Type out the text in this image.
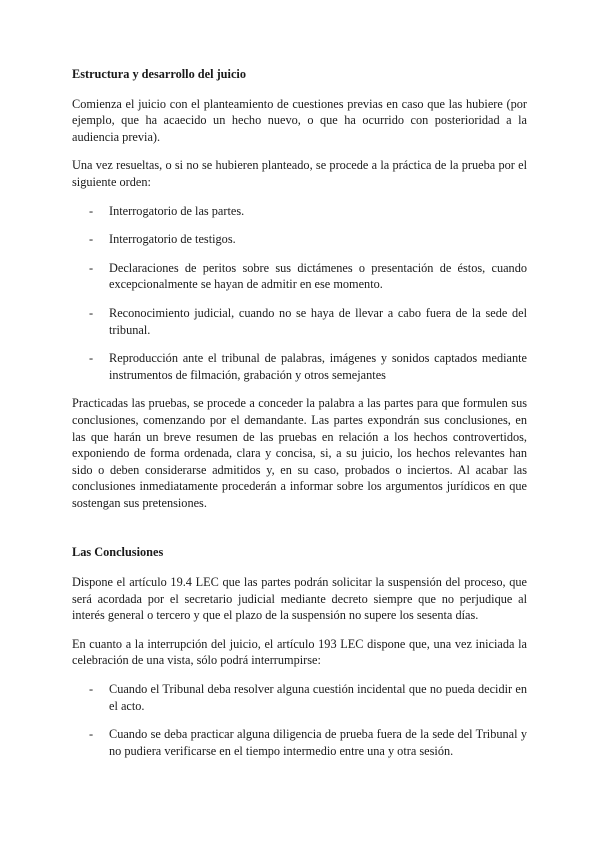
Estructura y desarrollo del juicio

Comienza el juicio con el planteamiento de cuestiones previas en caso que las hubiere (por ejemplo, que ha acaecido un hecho nuevo, o que ha ocurrido con posterioridad a la audiencia previa).

Una vez resueltas, o si no se hubieren planteado, se procede a la práctica de la prueba por el siguiente orden:

- Interrogatorio de las partes.
- Interrogatorio de testigos.
- Declaraciones de peritos sobre sus dictámenes o presentación de éstos, cuando excepcionalmente se hayan de admitir en ese momento.
- Reconocimiento judicial, cuando no se haya de llevar a cabo fuera de la sede del tribunal.
- Reproducción ante el tribunal de palabras, imágenes y sonidos captados mediante instrumentos de filmación, grabación y otros semejantes

Practicadas las pruebas, se procede a conceder la palabra a las partes para que formulen sus conclusiones, comenzando por el demandante. Las partes expondrán sus conclusiones, en las que harán un breve resumen de las pruebas en relación a los hechos controvertidos, exponiendo de forma ordenada, clara y concisa, si, a su juicio, los hechos relevantes han sido o deben considerarse admitidos y, en su caso, probados o inciertos. Al acabar las conclusiones inmediatamente procederán a informar sobre los argumentos jurídicos en que sostengan sus pretensiones.

Las Conclusiones

Dispone el artículo 19.4 LEC que las partes podrán solicitar la suspensión del proceso, que será acordada por el secretario judicial mediante decreto siempre que no perjudique al interés general o tercero y que el plazo de la suspensión no supere los sesenta días.

En cuanto a la interrupción del juicio, el artículo 193 LEC dispone que, una vez iniciada la celebración de una vista, sólo podrá interrumpirse:

- Cuando el Tribunal deba resolver alguna cuestión incidental que no pueda decidir en el acto.
- Cuando se deba practicar alguna diligencia de prueba fuera de la sede del Tribunal y no pudiera verificarse en el tiempo intermedio entre una y otra sesión.
